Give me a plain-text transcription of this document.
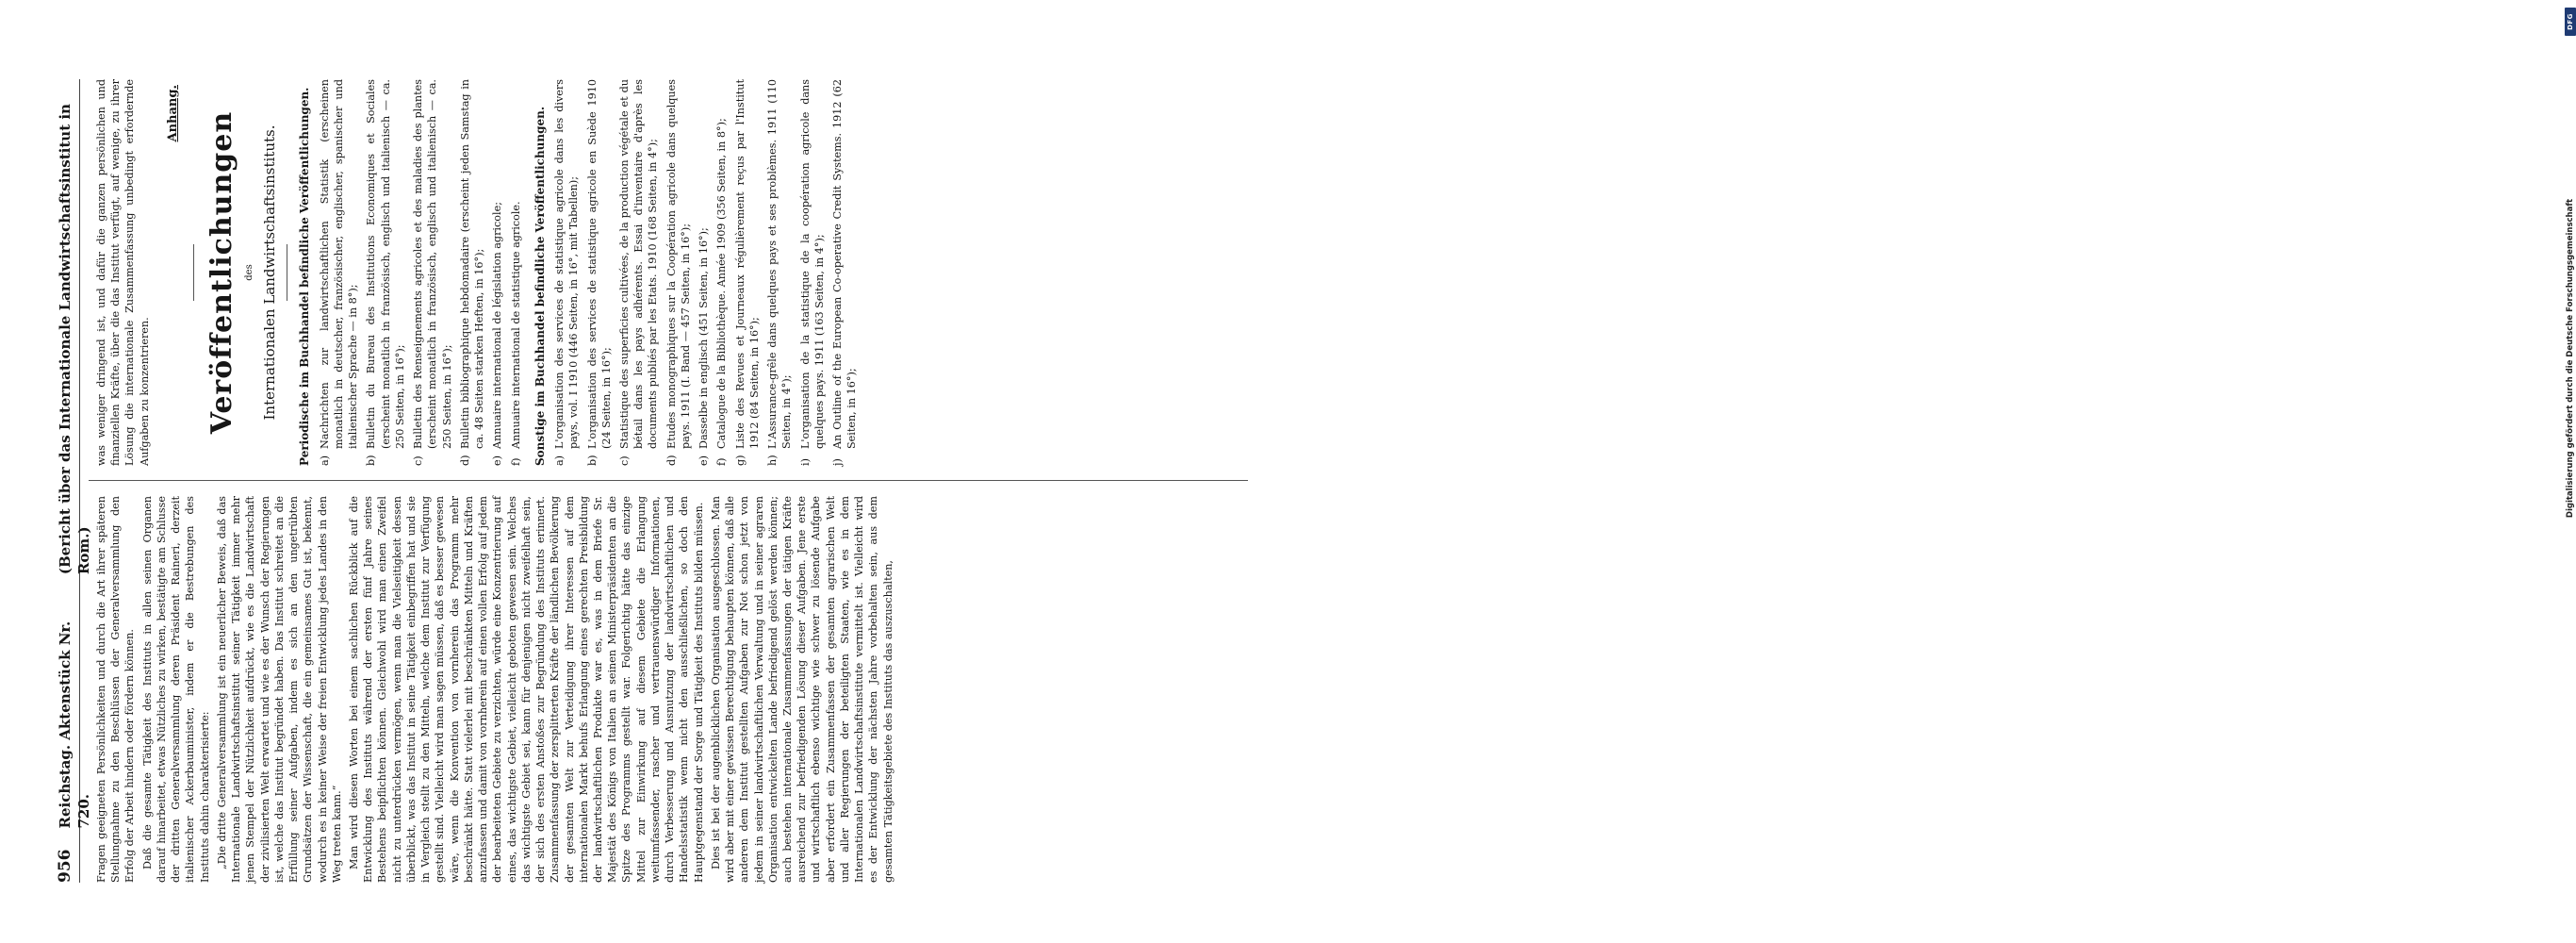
DFG
Digitalisierung gefördert durch die Deutsche Forschungsgemeinschaft
956
Reichstag. Aktenstück Nr. 720.
(Bericht über das Internationale Landwirtschaftsinstitut in Rom.) Fragen geeigneten Persönlichkeiten und durch die Art ihrer späteren Stellungnahme zu den Beschlüssen der Generalversammlung den Erfolg der Arbeit hindern oder fördern können. Daß die gesamte Tätigkeit des Instituts in allen seinen Organen darauf hinarbeitet, etwas Nützliches zu wirken, bestätigte am Schlusse der dritten Generalversammlung deren Präsident Raineri, derzeit italienischer Ackerbauminister, indem er die Bestrebungen des Instituts dahin charakterisierte: „Die dritte Generalversammlung ist ein neuerlicher Beweis, daß das Internationale Landwirtschaftsinstitut seiner Tätigkeit immer mehr jenen Stempel der Nützlichkeit aufdrückt, wie es die Landwirtschaft der zivilisierten Welt erwartet und wie es der Wunsch der Regierungen ist, welche das Institut begründet haben. Das Institut schreitet an die Erfüllung seiner Aufgaben, indem es sich an den ungetrübten Grundsätzen der Wissenschaft, die ein gemeinsames Gut ist, bekennt, wodurch es in keiner Weise der freien Entwicklung jedes Landes in den Weg treten kann.“ Man wird diesen Worten bei einem sachlichen Rückblick auf die Entwicklung des Instituts während der ersten fünf Jahre seines Bestehens beipflichten können. Gleichwohl wird man einen Zweifel nicht zu unterdrücken vermögen, wenn man die Vielseitigkeit dessen überblickt, was das Institut in seine Tätigkeit einbegriffen hat und sie in Vergleich stellt zu den Mitteln, welche dem Institut zur Verfügung gestellt sind. Vielleicht wird man sagen müssen, daß es besser gewesen wäre, wenn die Konvention von vornherein das Programm mehr beschränkt hätte. Statt vielerlei mit beschränkten Mitteln und Kräften anzufassen und damit von vornherein auf einen vollen Erfolg auf jedem der bearbeiteten Gebiete zu verzichten, würde eine Konzentrierung auf eines, das wichtigste Gebiet, vielleicht geboten gewesen sein. Welches das wichtigste Gebiet sei, kann für denjenigen nicht zweifelhaft sein, der sich des ersten Anstoßes zur Begründung des Instituts erinnert. Zusammenfassung der zersplitterten Kräfte der ländlichen Bevölkerung der gesamten Welt zur Verteidigung ihrer Interessen auf dem internationalen Markt behufs Erlangung eines gerechten Preisbildung der landwirtschaftlichen Produkte war es, was in dem Briefe Sr. Majestät des Königs von Italien an seinen Ministerpräsidenten an die Spitze des Programms gestellt war. Folgerichtig hätte das einzige Mittel zur Einwirkung auf diesem Gebiete die Erlangung weitumfassender, rascher und vertrauenswürdiger Informationen, durch Verbesserung und Ausnutzung der landwirtschaftlichen und Handelsstatistik wenn nicht den ausschließlichen, so doch den Hauptgegenstand der Sorge und Tätigkeit des Instituts bilden müssen. Dies ist bei der augenblicklichen Organisation ausgeschlossen. Man wird aber mit einer gewissen Berechtigung behaupten können, daß alle anderen dem Institut gestellten Aufgaben zur Not schon jetzt von jedem in seiner landwirtschaftlichen Verwaltung und in seiner agraren Organisation entwickelten Lande befriedigend gelöst werden können; auch bestehen internationale Zusammenfassungen der tätigen Kräfte ausreichend zur befriedigenden Lösung dieser Aufgaben. Jene erste und wirtschaftlich ebenso wichtige wie schwer zu lösende Aufgabe aber erfordert ein Zusammenfassen der gesamten agrarischen Welt und aller Regierungen der beteiligten Staaten, wie es in dem Internationalen Landwirtschaftsinstitute vermittelt ist. Vielleicht wird es der Entwicklung der nächsten Jahre vorbehalten sein, aus dem gesamten Tätigkeitsgebiete des Instituts das auszuschalten,

was weniger dringend ist, und dafür die ganzen persönlichen und finanziellen Kräfte, über die das Institut verfügt, auf wenige, zu ihrer Lösung die internationale Zusammenfassung unbedingt erfordernde Aufgaben zu konzentrieren.

Anhang. Veröffentlichungen des Internationalen Landwirtschaftsinstituts. Periodische im Buchhandel befindliche Veröffentlichungen. a)
Nachrichten zur landwirtschaftlichen Statistik (erscheinen monatlich in deutscher, französischer, englischer, spanischer und italienischer Sprache — in 8°);
b)
Bulletin du Bureau des Institutions Economiques et Sociales (erscheint monatlich in französisch, englisch und italienisch — ca. 250 Seiten, in 16°);
c)
Bulletin des Renseignements agricoles et des maladies des plantes (erscheint monatlich in französisch, englisch und italienisch — ca. 250 Seiten, in 16°);
d)
Bulletin bibliographique hebdomadaire (erscheint jeden Samstag in ca. 48 Seiten starken Heften, in 16°);
e)
Annuaire international de législation agricole;
f)
Annuaire international de statistique agricole. Sonstige im Buchhandel befindliche Veröffentlichungen. a)
L'organisation des services de statistique agricole dans les divers pays, vol. I 1910 (446 Seiten, in 16°, mit Tabellen);
b)
L'organisation des services de statistique agricole en Suède 1910 (24 Seiten, in 16°);
c)
Statistique des superficies cultivées, de la production végétale et du bétail dans les pays adhérents. Essai d'inventaire d'après les documents publiés par les Etats. 1910 (168 Seiten, in 4°);
d)
Etudes monographiques sur la Coopération agricole dans quelques pays. 1911 (I. Band — 457 Seiten, in 16°);
e)
Dasselbe in englisch (451 Seiten, in 16°);
f)
Catalogue de la Bibliothèque. Année 1909 (356 Seiten, in 8°);
g)
Liste des Revues et Journeaux régulièrement reçus par l'Institut 1912 (84 Seiten, in 16°);
h)
L'Assurance-grêle dans quelques pays et ses problèmes. 1911 (110 Seiten, in 4°);
i)
L'organisation de la statistique de la coopération agricole dans quelques pays. 1911 (163 Seiten, in 4°);
j)
An Outline of the European Co-operative Credit Systems. 1912 (62 Seiten, in 16°);
